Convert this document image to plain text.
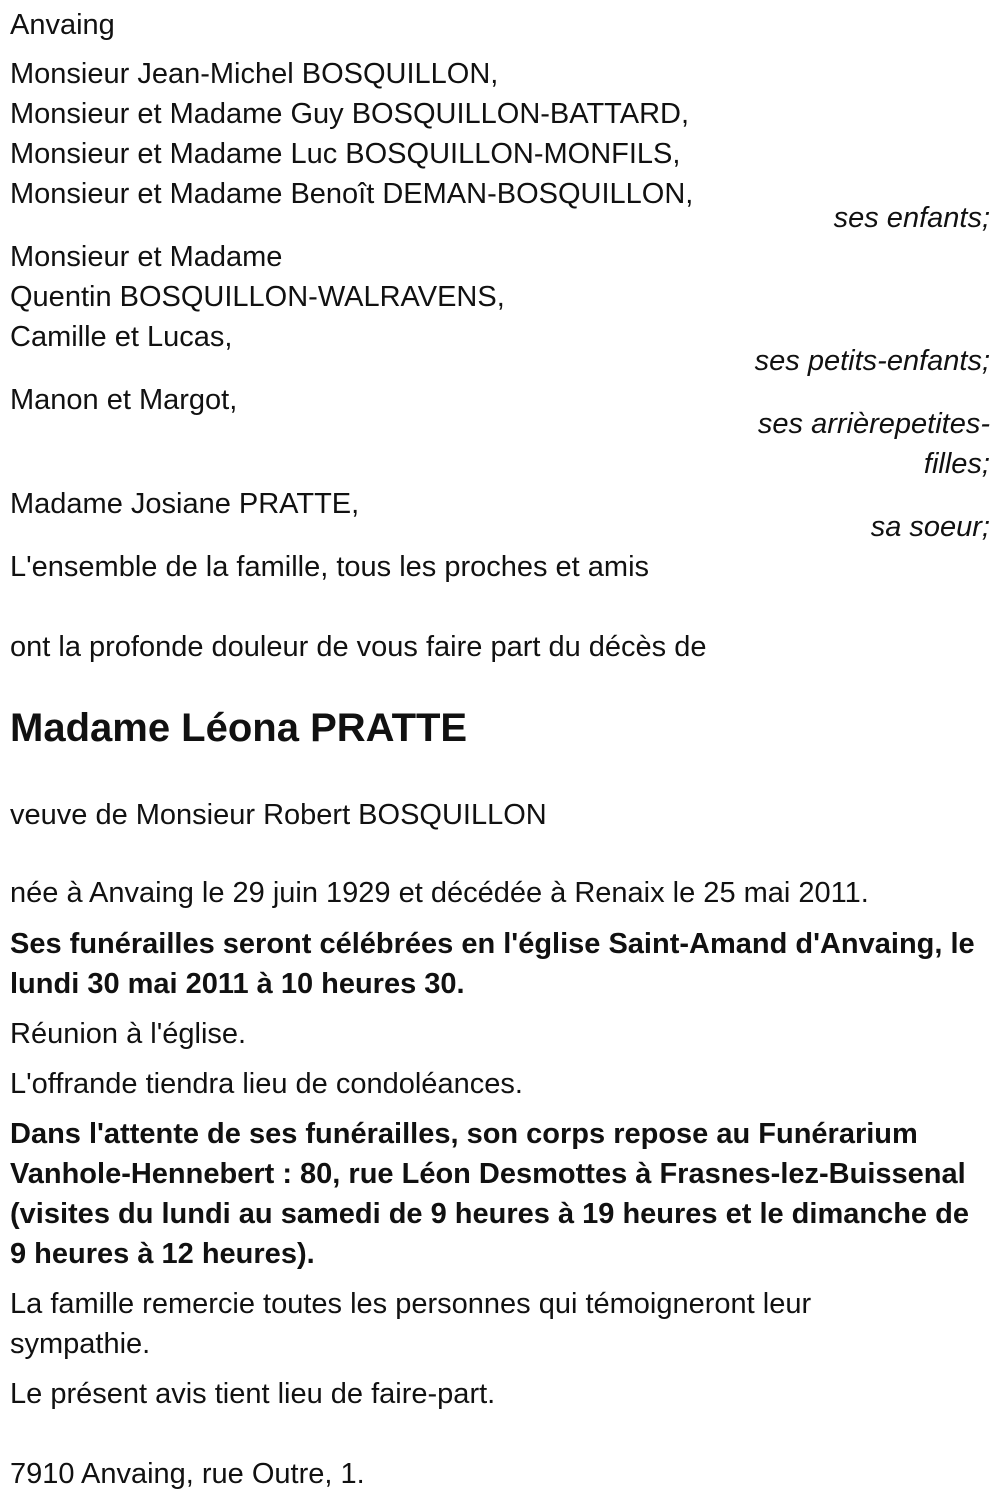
Anvaing
Monsieur Jean-Michel BOSQUILLON,
Monsieur et Madame Guy BOSQUILLON-BATTARD,
Monsieur et Madame Luc BOSQUILLON-MONFILS,
Monsieur et Madame Benoît DEMAN-BOSQUILLON,
ses enfants;
Monsieur et Madame
Quentin BOSQUILLON-WALRAVENS,
Camille et Lucas,
ses petits-enfants;
Manon et Margot,
ses arrièrepetites-
filles;
Madame Josiane PRATTE,
sa soeur;
L'ensemble de la famille, tous les proches et amis
ont la profonde douleur de vous faire part du décès de
Madame Léona PRATTE
veuve de Monsieur Robert BOSQUILLON
née à Anvaing le 29 juin 1929 et décédée à Renaix le 25 mai 2011.
Ses funérailles seront célébrées en l'église Saint-Amand d'Anvaing, le
lundi 30 mai 2011 à 10 heures 30.
Réunion à l'église.
L'offrande tiendra lieu de condoléances.
Dans l'attente de ses funérailles, son corps repose au Funérarium
Vanhole-Hennebert : 80, rue Léon Desmottes à Frasnes-lez-Buissenal
(visites du lundi au samedi de 9 heures à 19 heures et le dimanche de
9 heures à 12 heures).
La famille remercie toutes les personnes qui témoigneront leur
sympathie.
Le présent avis tient lieu de faire-part.
7910 Anvaing, rue Outre, 1.
